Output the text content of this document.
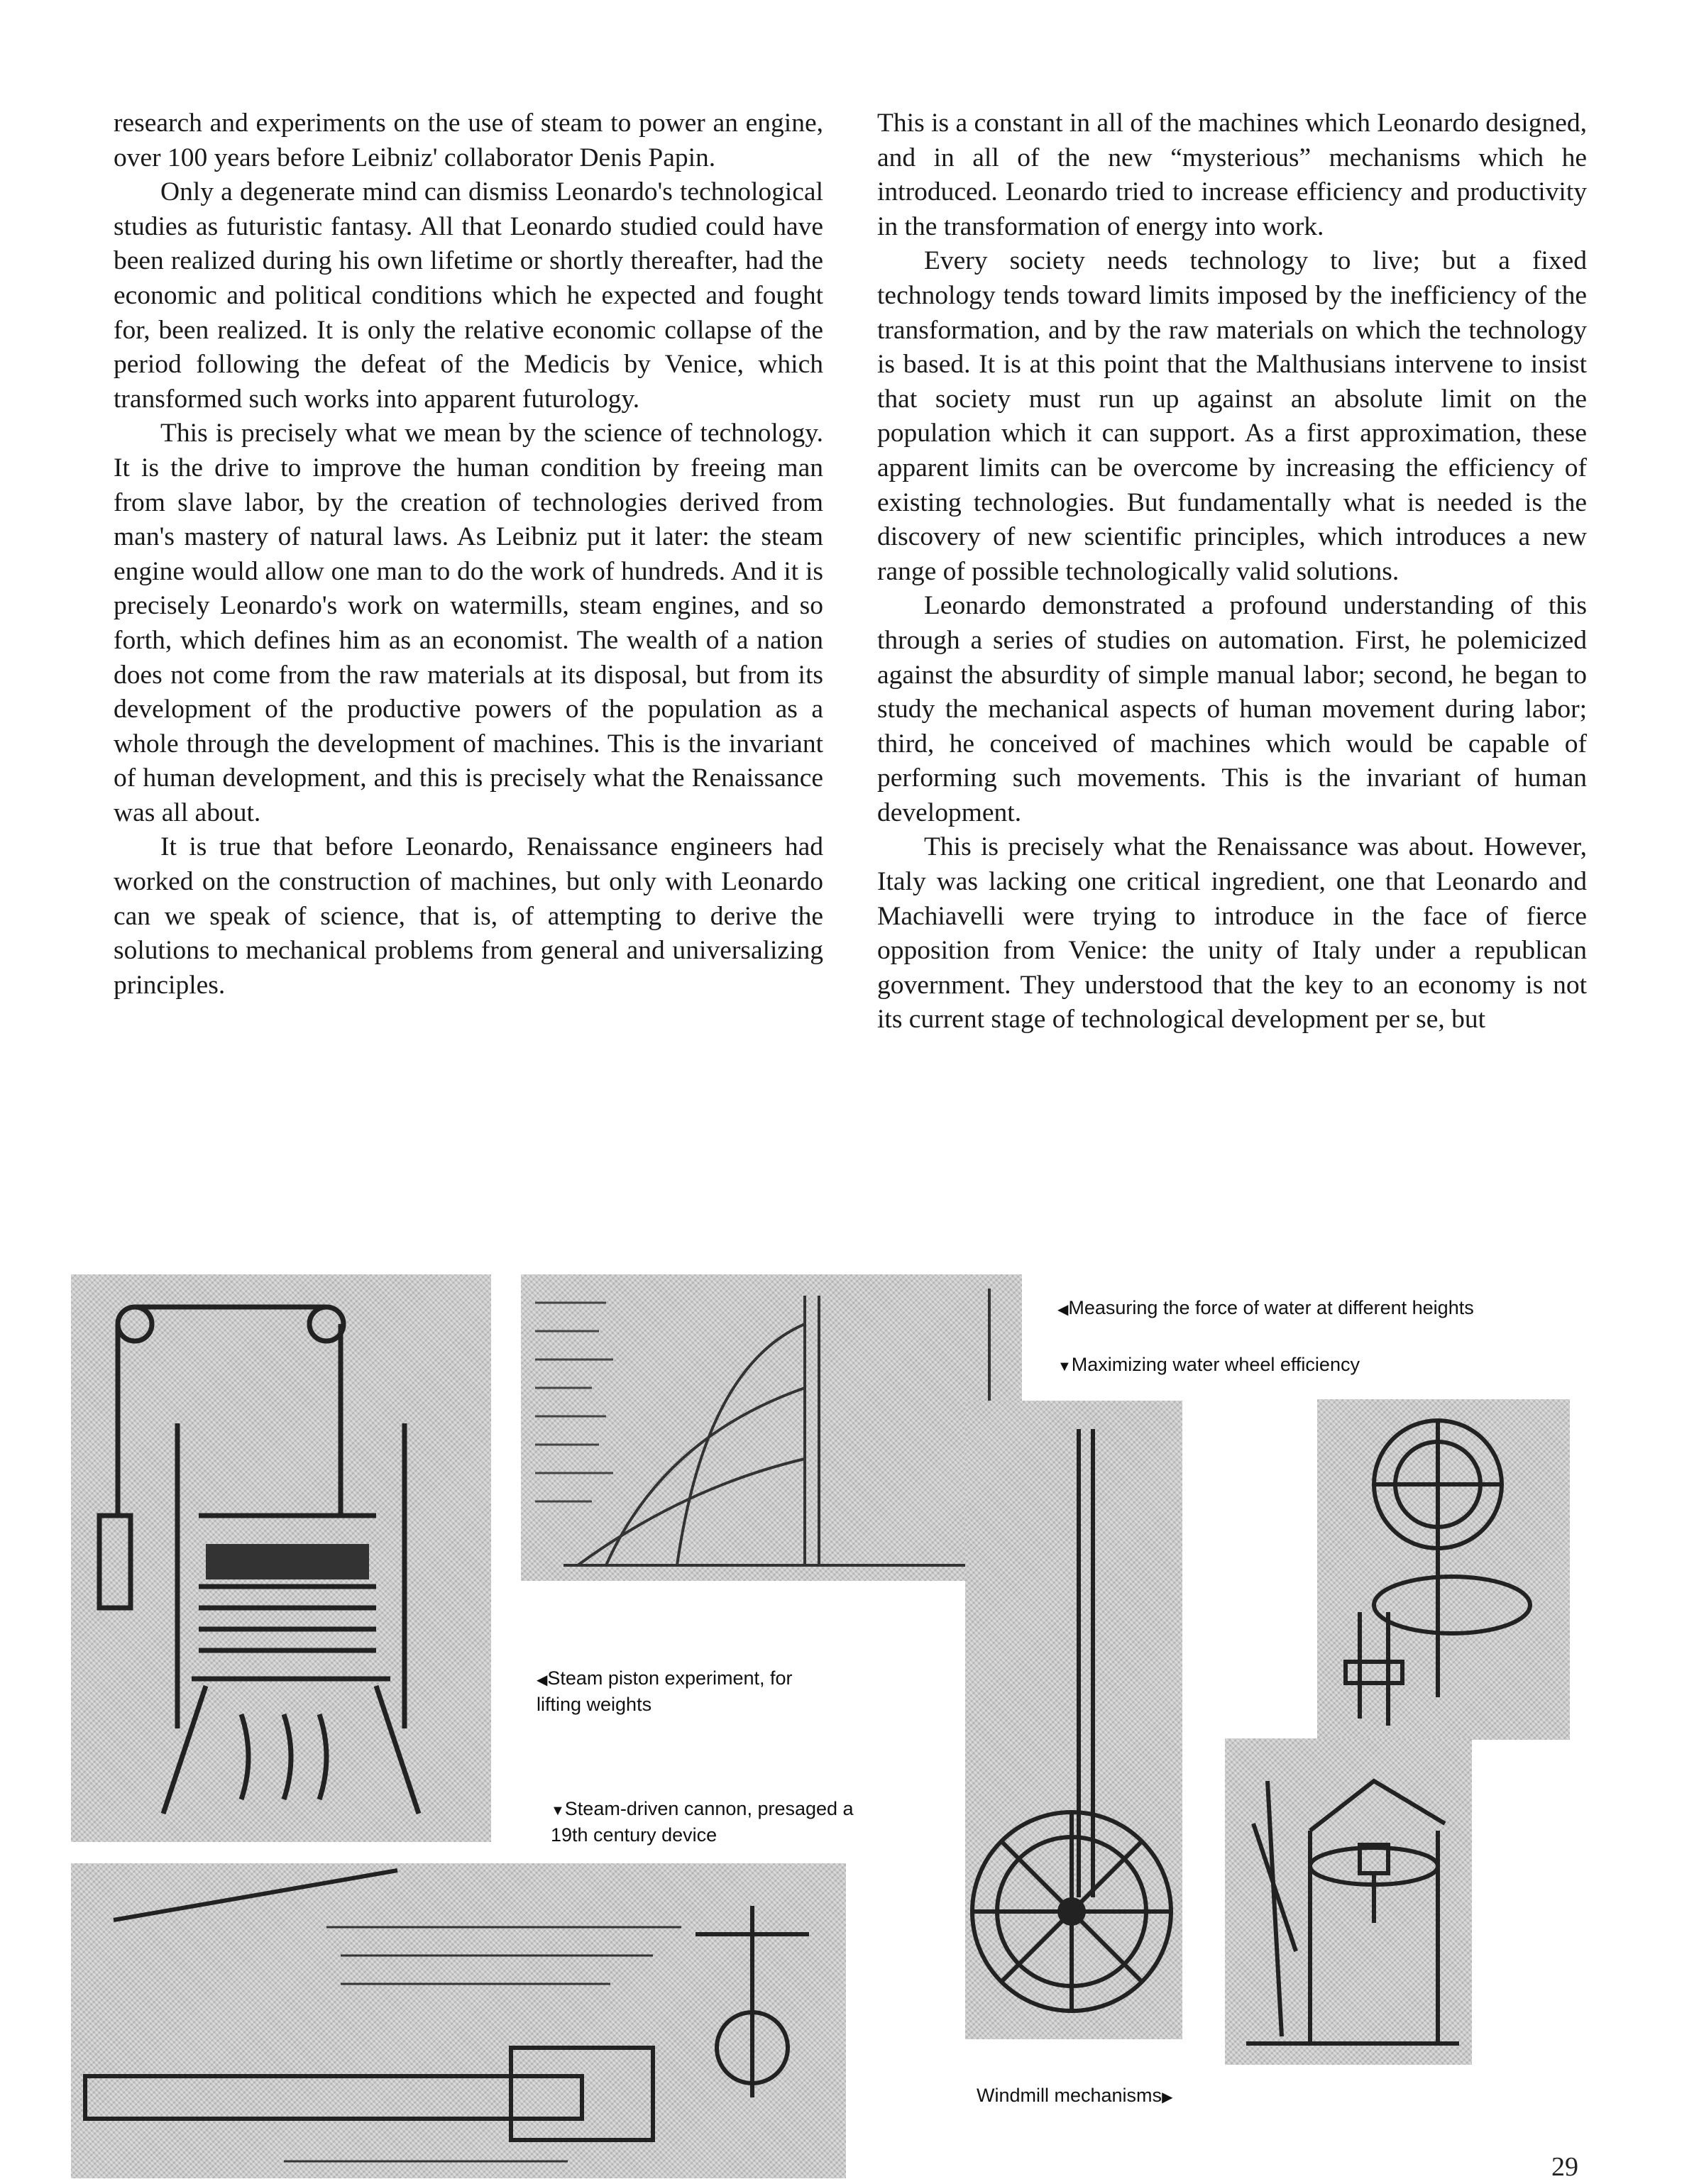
research and experiments on the use of steam to power an engine, over 100 years before Leibniz' collaborator Denis Papin.

Only a degenerate mind can dismiss Leonardo's technological studies as futuristic fantasy. All that Leonardo studied could have been realized during his own lifetime or shortly thereafter, had the economic and political conditions which he expected and fought for, been realized. It is only the relative economic collapse of the period following the defeat of the Medicis by Venice, which transformed such works into apparent futurology.

This is precisely what we mean by the science of technology. It is the drive to improve the human condition by freeing man from slave labor, by the creation of technologies derived from man's mastery of natural laws. As Leibniz put it later: the steam engine would allow one man to do the work of hundreds. And it is precisely Leonardo's work on watermills, steam engines, and so forth, which defines him as an economist. The wealth of a nation does not come from the raw materials at its disposal, but from its development of the productive powers of the population as a whole through the development of machines. This is the invariant of human development, and this is precisely what the Renaissance was all about.

It is true that before Leonardo, Renaissance engineers had worked on the construction of machines, but only with Leonardo can we speak of science, that is, of attempting to derive the solutions to mechanical problems from general and universalizing principles.

This is a constant in all of the machines which Leonardo designed, and in all of the new “mysterious” mechanisms which he introduced. Leonardo tried to increase efficiency and productivity in the transformation of energy into work.

Every society needs technology to live; but a fixed technology tends toward limits imposed by the inefficiency of the transformation, and by the raw materials on which the technology is based. It is at this point that the Malthusians intervene to insist that society must run up against an absolute limit on the population which it can support. As a first approximation, these apparent limits can be overcome by increasing the efficiency of existing technologies. But fundamentally what is needed is the discovery of new scientific principles, which introduces a new range of possible technologically valid solutions.

Leonardo demonstrated a profound understanding of this through a series of studies on automation. First, he polemicized against the absurdity of simple manual labor; second, he began to study the mechanical aspects of human movement during labor; third, he conceived of machines which would be capable of performing such movements. This is the invariant of human development.

This is precisely what the Renaissance was about. However, Italy was lacking one critical ingredient, one that Leonardo and Machiavelli were trying to introduce in the face of fierce opposition from Venice: the unity of Italy under a republican government. They understood that the key to an economy is not its current stage of technological development per se, but

◀Measuring the force of water at different heights
▼Maximizing water wheel efficiency
◀Steam piston experiment, for lifting weights
▼Steam-driven cannon, presaged a 19th century device
Windmill mechanisms▶
29
